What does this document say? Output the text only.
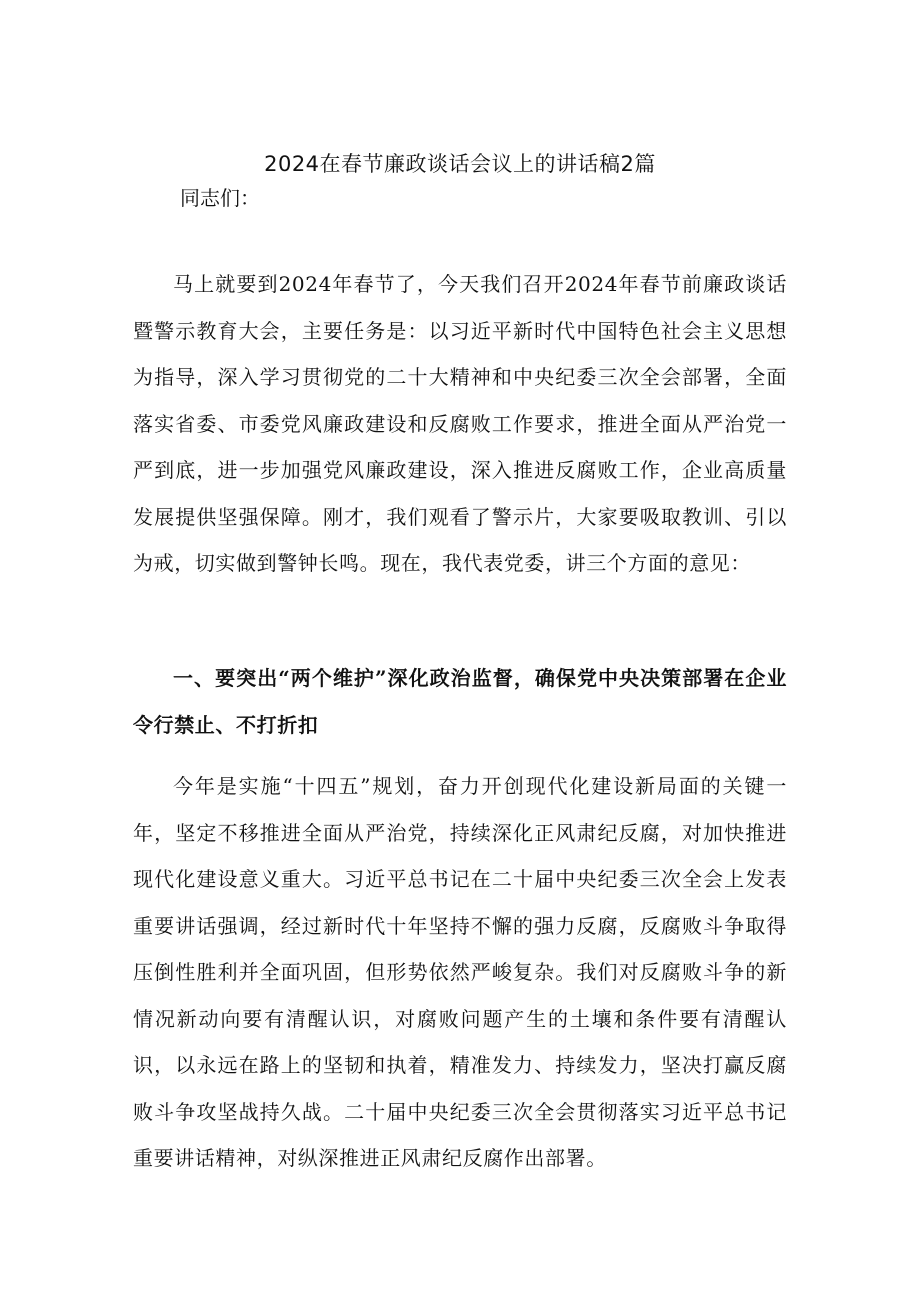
2024在春节廉政谈话会议上的讲话稿2篇

同志们：

马上就要到2024年春节了，今天我们召开2024年春节前廉政谈话暨警示教育大会，主要任务是：以习近平新时代中国特色社会主义思想为指导，深入学习贯彻党的二十大精神和中央纪委三次全会部署，全面落实省委、市委党风廉政建设和反腐败工作要求，推进全面从严治党一严到底，进一步加强党风廉政建设，深入推进反腐败工作，企业高质量发展提供坚强保障。刚才，我们观看了警示片，大家要吸取教训、引以为戒，切实做到警钟长鸣。现在，我代表党委，讲三个方面的意见：

一、要突出“两个维护”深化政治监督，确保党中央决策部署在企业令行禁止、不打折扣

今年是实施“十四五”规划，奋力开创现代化建设新局面的关键一年，坚定不移推进全面从严治党，持续深化正风肃纪反腐，对加快推进现代化建设意义重大。习近平总书记在二十届中央纪委三次全会上发表重要讲话强调，经过新时代十年坚持不懈的强力反腐，反腐败斗争取得压倒性胜利并全面巩固，但形势依然严峻复杂。我们对反腐败斗争的新情况新动向要有清醒认识，对腐败问题产生的土壤和条件要有清醒认识，以永远在路上的坚韧和执着，精准发力、持续发力，坚决打赢反腐败斗争攻坚战持久战。二十届中央纪委三次全会贯彻落实习近平总书记重要讲话精神，对纵深推进正风肃纪反腐作出部署。
